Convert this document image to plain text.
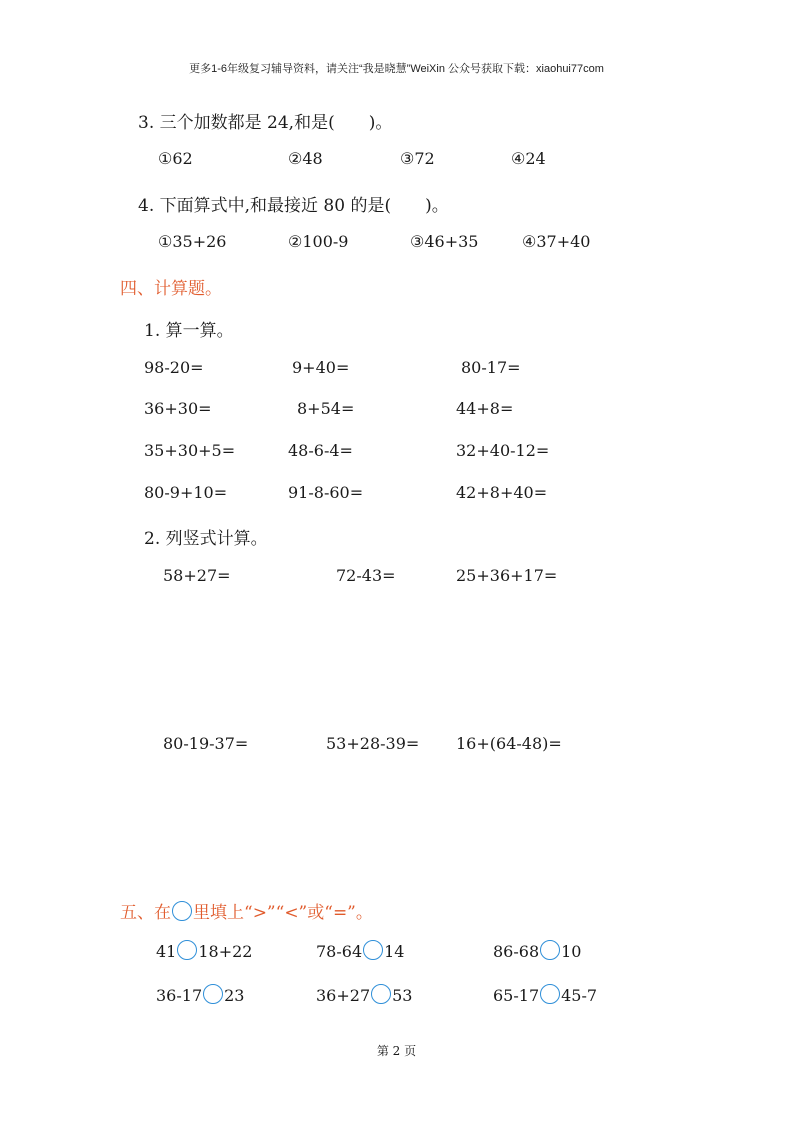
更多1-6年级复习辅导资料，请关注“我是晓慧”WeiXin 公众号获取下载：xiaohui77com
3. 三个加数都是 24,和是(　　)。
①62	②48	③72	④24
4. 下面算式中,和最接近 80 的是(　　)。
①35+26	②100-9	③46+35	④37+40
四、计算题。
1. 算一算。
98-20=	9+40=	80-17=
36+30=	8+54=	44+8=
35+30+5=	48-6-4=	32+40-12=
80-9+10=	91-8-60=	42+8+40=
2. 列竖式计算。
58+27=	72-43=	25+36+17=
80-19-37=	53+28-39= 16+(64-48)=
五、在 里填上“>”“<”或“=”。
41 18+22	78-64 14	86-68 10
36-17 23	36+27 53	65-17 45-7
第 2 页
